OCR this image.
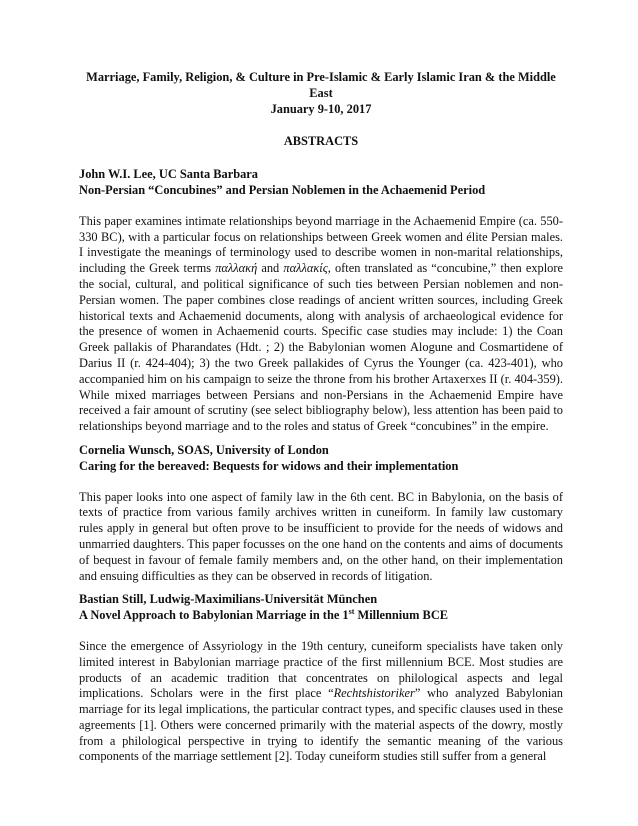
Marriage, Family, Religion, & Culture in Pre-Islamic & Early Islamic Iran & the Middle
East
January 9-10, 2017
ABSTRACTS
John W.I. Lee, UC Santa Barbara
Non-Persian “Concubines” and Persian Noblemen in the Achaemenid Period

This paper examines intimate relationships beyond marriage in the Achaemenid Empire (ca. 550-330 BC), with a particular focus on relationships between Greek women and élite Persian males. I investigate the meanings of terminology used to describe women in non-marital relationships, including the Greek terms παλλακή and παλλακίς, often translated as “concubine,” then explore the social, cultural, and political significance of such ties between Persian noblemen and non-Persian women. The paper combines close readings of ancient written sources, including Greek historical texts and Achaemenid documents, along with analysis of archaeological evidence for the presence of women in Achaemenid courts. Specific case studies may include: 1) the Coan Greek pallakis of Pharandates (Hdt. ; 2) the Babylonian women Alogune and Cosmartidene of Darius II (r. 424-404); 3) the two Greek pallakides of Cyrus the Younger (ca. 423-401), who accompanied him on his campaign to seize the throne from his brother Artaxerxes II (r. 404-359). While mixed marriages between Persians and non-Persians in the Achaemenid Empire have received a fair amount of scrutiny (see select bibliography below), less attention has been paid to relationships beyond marriage and to the roles and status of Greek “concubines” in the empire.

Cornelia Wunsch, SOAS, University of London
Caring for the bereaved: Bequests for widows and their implementation

This paper looks into one aspect of family law in the 6th cent. BC in Babylonia, on the basis of texts of practice from various family archives written in cuneiform. In family law customary rules apply in general but often prove to be insufficient to provide for the needs of widows and unmarried daughters. This paper focusses on the one hand on the contents and aims of documents of bequest in favour of female family members and, on the other hand, on their implementation and ensuing difficulties as they can be observed in records of litigation.

Bastian Still, Ludwig-Maximilians-Universität München
A Novel Approach to Babylonian Marriage in the 1st Millennium BCE

Since the emergence of Assyriology in the 19th century, cuneiform specialists have taken only limited interest in Babylonian marriage practice of the first millennium BCE. Most studies are products of an academic tradition that concentrates on philological aspects and legal implications. Scholars were in the first place “Rechtshistoriker” who analyzed Babylonian marriage for its legal implications, the particular contract types, and specific clauses used in these agreements [1]. Others were concerned primarily with the material aspects of the dowry, mostly from a philological perspective in trying to identify the semantic meaning of the various components of the marriage settlement [2]. Today cuneiform studies still suffer from a general
